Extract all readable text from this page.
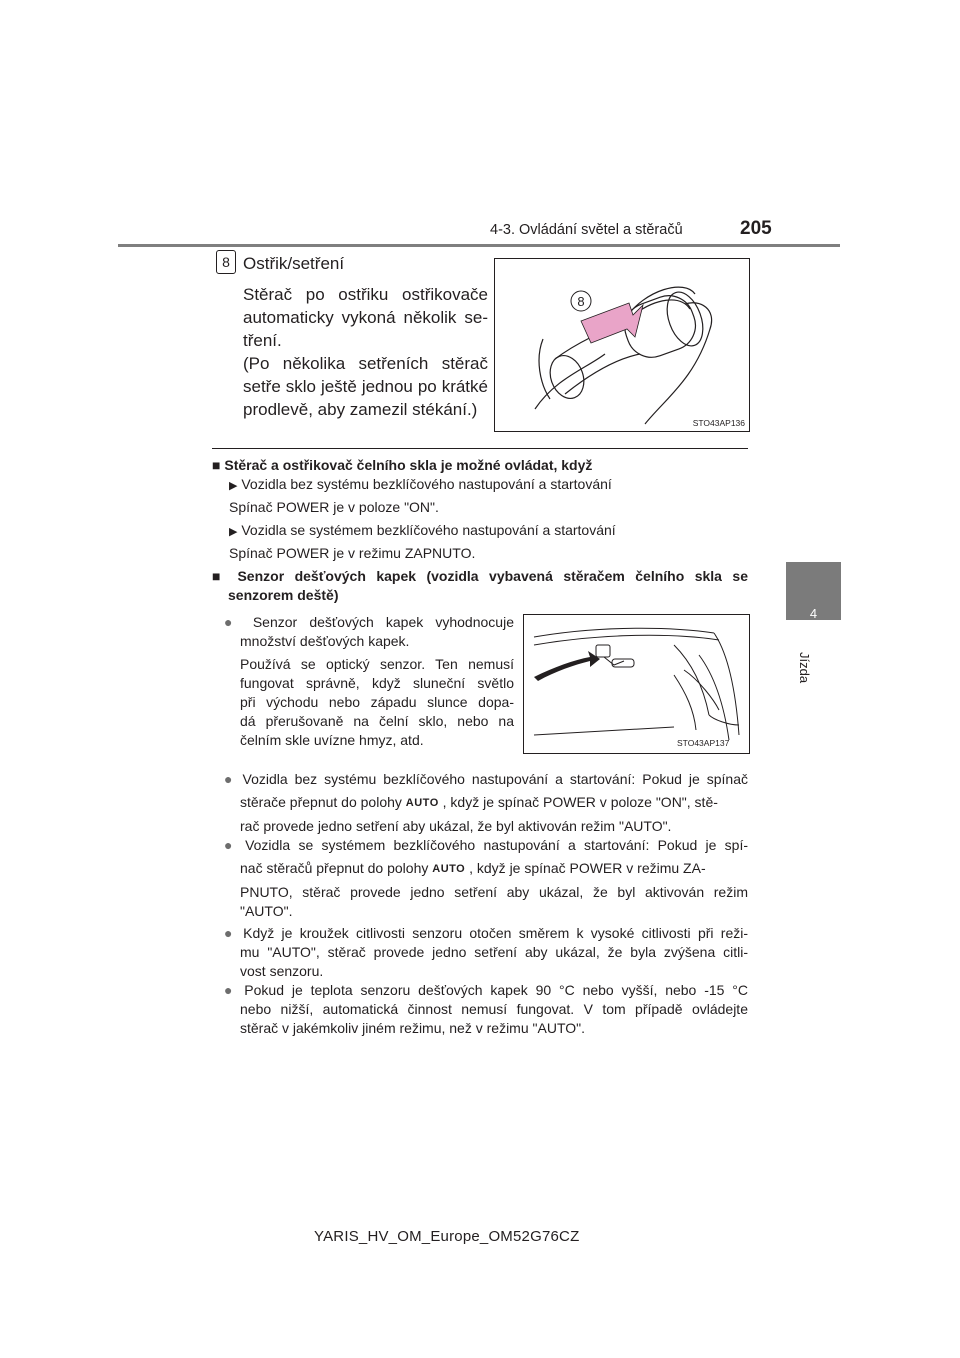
4-3. Ovládání světel a stěračů	205
4
Jízda
8 Ostřik/setření
Stěrač po ostřiku ostřikovače
automaticky vykoná několik se-
tření.
(Po několika setřeních stěrač
setře sklo ještě jednou po krátké
prodlevě, aby zamezil stékání.)
8
STO43AP136
■ Stěrač a ostřikovač čelního skla je možné ovládat, když
▶ Vozidla bez systému bezklíčového nastupování a startování
Spínač POWER je v poloze "ON".
▶ Vozidla se systémem bezklíčového nastupování a startování
Spínač POWER je v režimu ZAPNUTO.
■ Senzor dešťových kapek (vozidla vybavená stěračem čelního skla se
senzorem deště)
● Senzor dešťových kapek vyhodnocuje
množství dešťových kapek.
Používá se optický senzor. Ten nemusí
fungovat správně, když sluneční světlo
při východu nebo západu slunce dopa-
dá přerušovaně na čelní sklo, nebo na
čelním skle uvízne hmyz, atd.	STO43AP137
● Vozidla bez systému bezklíčového nastupování a startování: Pokud je spínač
stěrače přepnut do polohy AUTO , když je spínač POWER v poloze "ON", stě-
rač provede jedno setření aby ukázal, že byl aktivován režim "AUTO".
● Vozidla se systémem bezklíčového nastupování a startování: Pokud je spí-
nač stěračů přepnut do polohy AUTO , když je spínač POWER v režimu ZA-
PNUTO, stěrač provede jedno setření aby ukázal, že byl aktivován režim
"AUTO".
● Když je kroužek citlivosti senzoru otočen směrem k vysoké citlivosti při reži-
mu "AUTO", stěrač provede jedno setření aby ukázal, že byla zvýšena citli-
vost senzoru.
● Pokud je teplota senzoru dešťových kapek 90 °C nebo vyšší, nebo -15 °C
nebo nižší, automatická činnost nemusí fungovat. V tom případě ovládejte
stěrač v jakémkoliv jiném režimu, než v režimu "AUTO".
YARIS_HV_OM_Europe_OM52G76CZ
